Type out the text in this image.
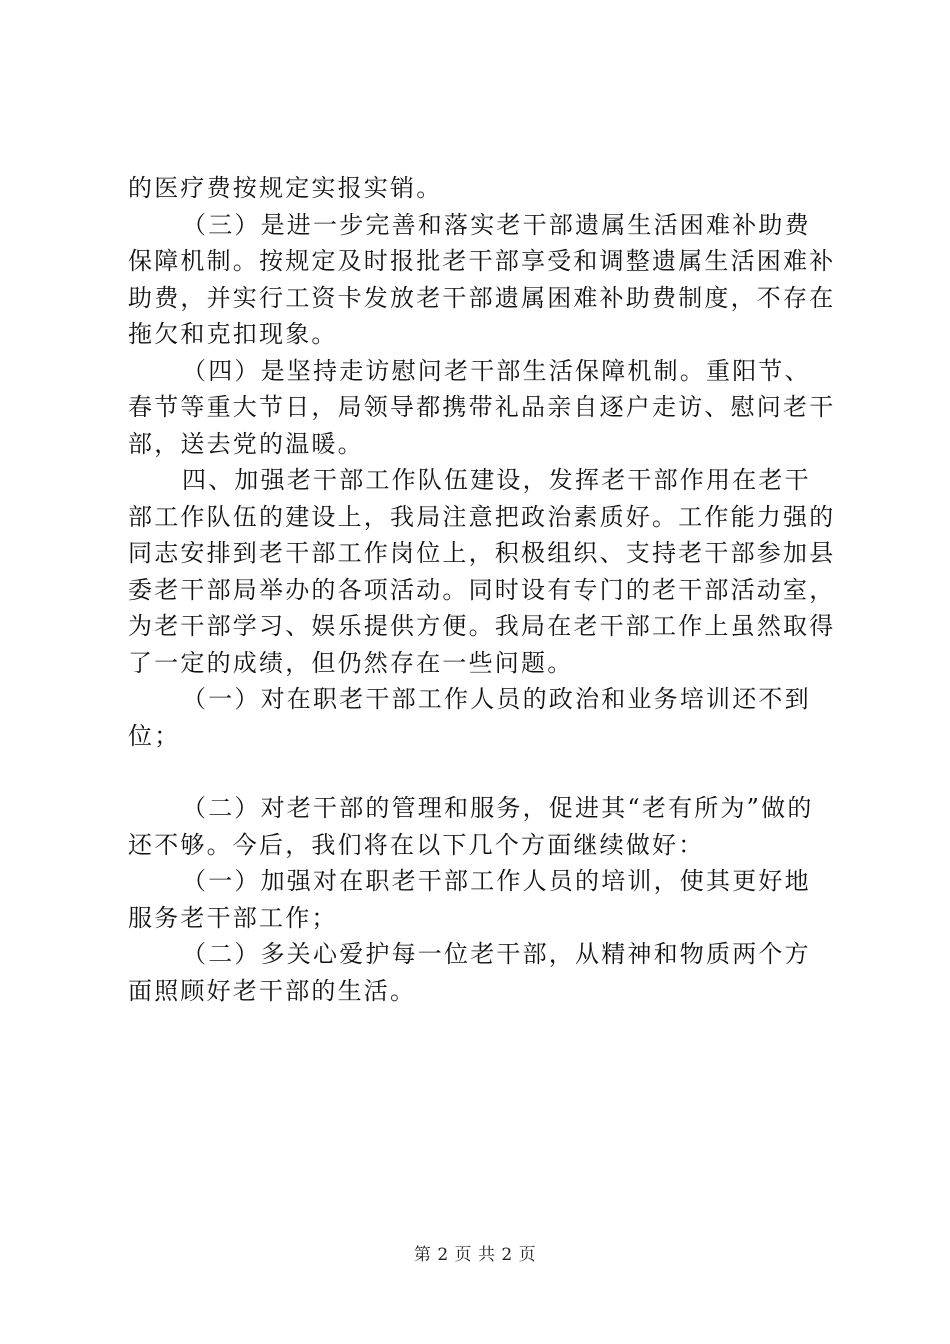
的医疗费按规定实报实销。

（三）是进一步完善和落实老干部遗属生活困难补助费保障机制。按规定及时报批老干部享受和调整遗属生活困难补助费，并实行工资卡发放老干部遗属困难补助费制度，不存在拖欠和克扣现象。

（四）是坚持走访慰问老干部生活保障机制。重阳节、春节等重大节日，局领导都携带礼品亲自逐户走访、慰问老干部，送去党的温暖。

四、加强老干部工作队伍建设，发挥老干部作用在老干部工作队伍的建设上，我局注意把政治素质好。工作能力强的同志安排到老干部工作岗位上，积极组织、支持老干部参加县委老干部局举办的各项活动。同时设有专门的老干部活动室，为老干部学习、娱乐提供方便。我局在老干部工作上虽然取得了一定的成绩，但仍然存在一些问题。

（一）对在职老干部工作人员的政治和业务培训还不到位；

（二）对老干部的管理和服务，促进其“老有所为”做的还不够。今后，我们将在以下几个方面继续做好：

（一）加强对在职老干部工作人员的培训，使其更好地服务老干部工作；

（二）多关心爱护每一位老干部，从精神和物质两个方面照顾好老干部的生活。

第 2 页 共 2 页
